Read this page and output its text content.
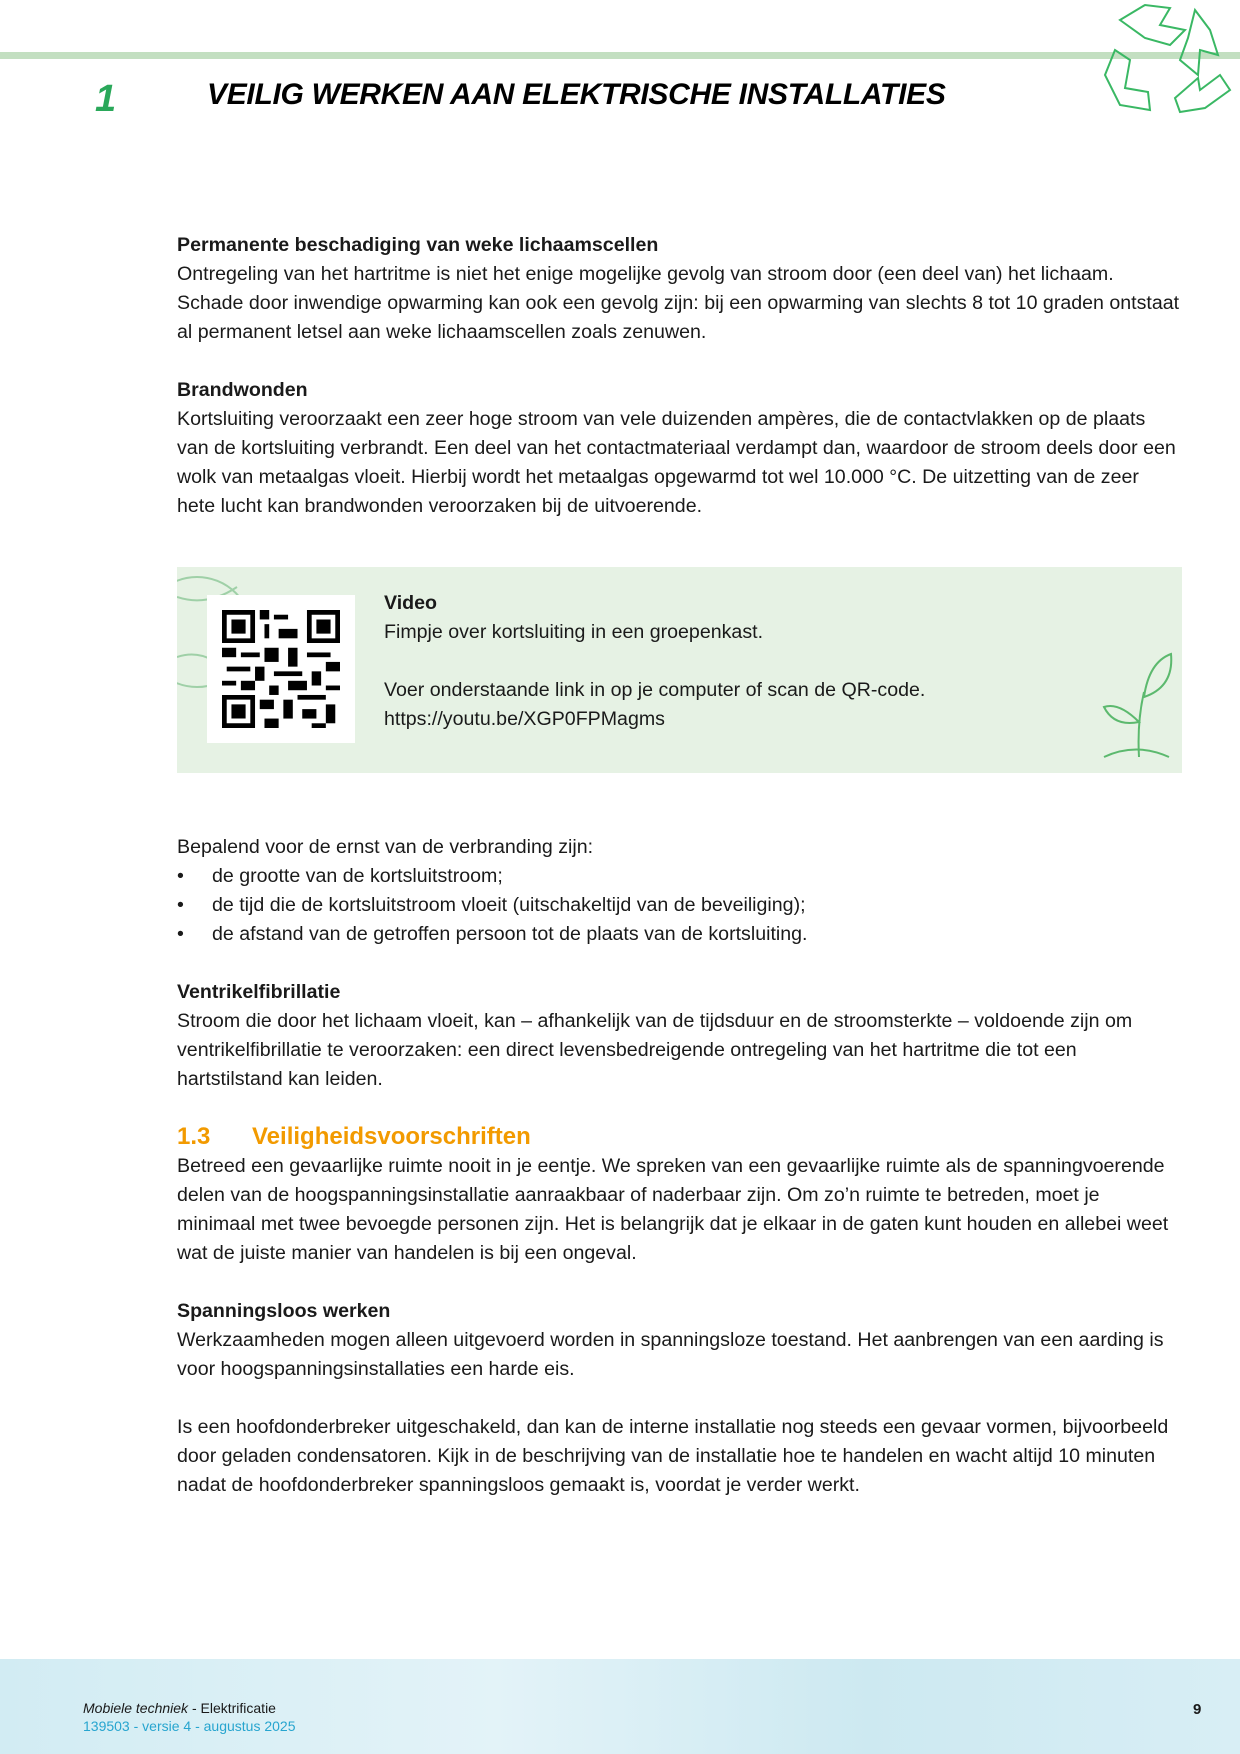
1	VEILIG WERKEN AAN ELEKTRISCHE INSTALLATIES

Permanente beschadiging van weke lichaamscellen

Ontregeling van het hartritme is niet het enige mogelijke gevolg van stroom door (een deel van) het lichaam. Schade door inwendige opwarming kan ook een gevolg zijn: bij een opwarming van slechts 8 tot 10 graden ontstaat al permanent letsel aan weke lichaamscellen zoals zenuwen.

Brandwonden

Kortsluiting veroorzaakt een zeer hoge stroom van vele duizenden ampères, die de contactvlakken op de plaats van de kortsluiting verbrandt. Een deel van het contactmateriaal verdampt dan, waardoor de stroom deels door een wolk van metaalgas vloeit. Hierbij wordt het metaalgas opgewarmd tot wel 10.000 °C. De uitzetting van de zeer hete lucht kan brandwonden veroorzaken bij de uitvoerende.

Video

Fimpje over kortsluiting in een groepenkast.

Voer onderstaande link in op je computer of scan de QR-code.

https://youtu.be/XGP0FPMagms

Bepalend voor de ernst van de verbranding zijn:

• de grootte van de kortsluitstroom;
• de tijd die de kortsluitstroom vloeit (uitschakeltijd van de beveiliging);
• de afstand van de getroffen persoon tot de plaats van de kortsluiting.

Ventrikelfibrillatie

Stroom die door het lichaam vloeit, kan – afhankelijk van de tijdsduur en de stroomsterkte – voldoende zijn om ventrikelfibrillatie te veroorzaken: een direct levensbedreigende ontregeling van het hartritme die tot een hartstilstand kan leiden.

1.3 Veiligheidsvoorschriften

Betreed een gevaarlijke ruimte nooit in je eentje. We spreken van een gevaarlijke ruimte als de spanningvoerende delen van de hoogspanningsinstallatie aanraakbaar of naderbaar zijn. Om zo’n ruimte te betreden, moet je minimaal met twee bevoegde personen zijn. Het is belangrijk dat je elkaar in de gaten kunt houden en allebei weet wat de juiste manier van handelen is bij een ongeval.

Spanningsloos werken

Werkzaamheden mogen alleen uitgevoerd worden in spanningsloze toestand. Het aanbrengen van een aarding is voor hoogspanningsinstallaties een harde eis.

Is een hoofdonderbreker uitgeschakeld, dan kan de interne installatie nog steeds een gevaar vormen, bijvoorbeeld door geladen condensatoren. Kijk in de beschrijving van de installatie hoe te handelen en wacht altijd 10 minuten nadat de hoofdonderbreker spanningsloos gemaakt is, voordat je verder werkt.

Mobiele techniek - Elektrificatie
139503 - versie 4 - augustus 2025
9
